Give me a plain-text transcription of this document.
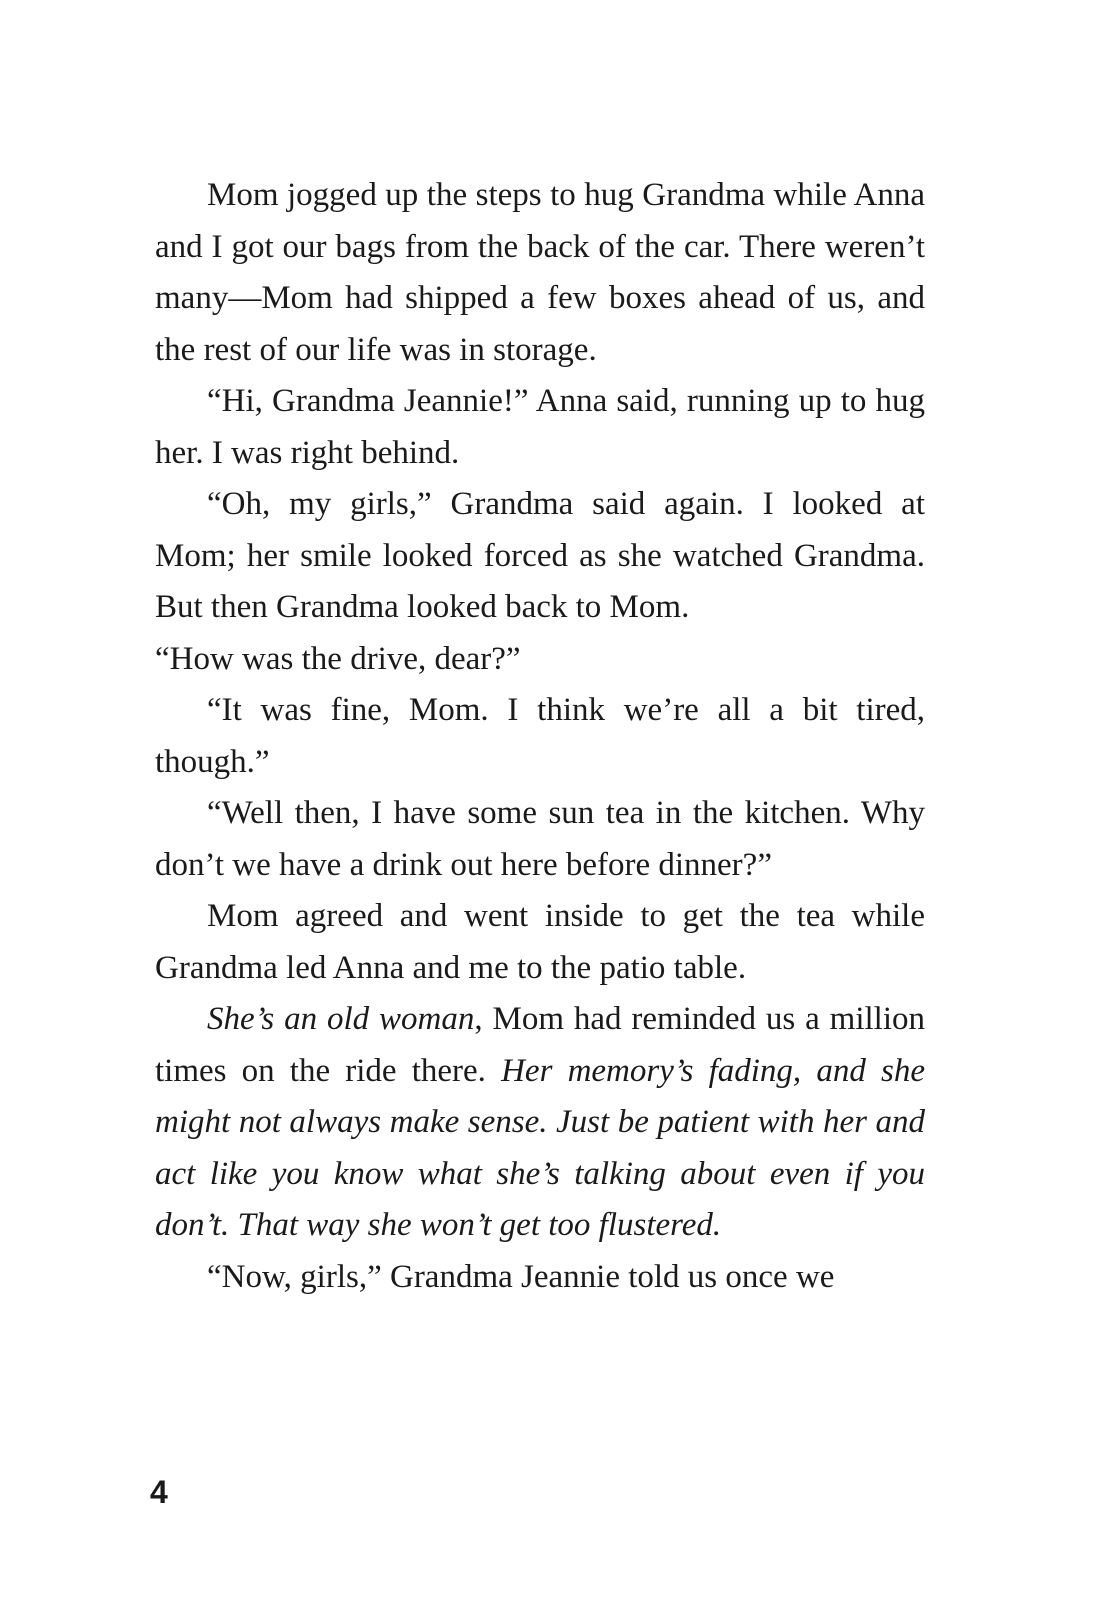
Mom jogged up the steps to hug Grandma while Anna and I got our bags from the back of the car. There weren’t many—Mom had shipped a few boxes ahead of us, and the rest of our life was in storage.

“Hi, Grandma Jeannie!” Anna said, running up to hug her. I was right behind.

“Oh, my girls,” Grandma said again. I looked at Mom; her smile looked forced as she watched Grandma. But then Grandma looked back to Mom.

“How was the drive, dear?”

“It was fine, Mom. I think we’re all a bit tired, though.”

“Well then, I have some sun tea in the kitchen. Why don’t we have a drink out here before dinner?”

Mom agreed and went inside to get the tea while Grandma led Anna and me to the patio table.

She’s an old woman, Mom had reminded us a million times on the ride there. Her memory’s fading, and she might not always make sense. Just be patient with her and act like you know what she’s talking about even if you don’t. That way she won’t get too flustered.

“Now, girls,” Grandma Jeannie told us once we

4
